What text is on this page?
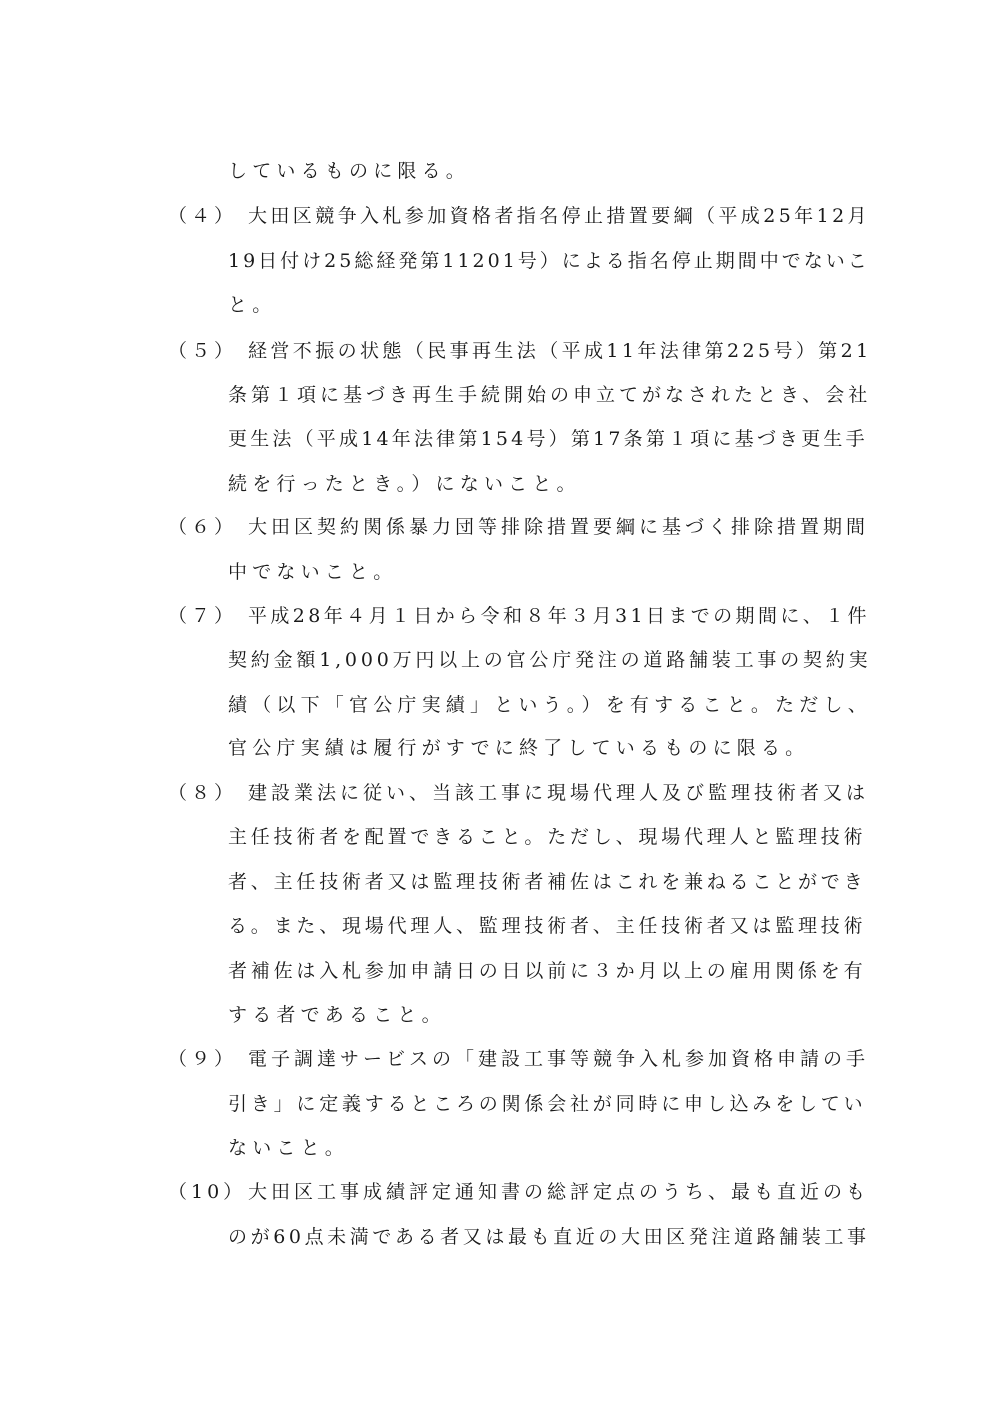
しているものに限る。
（４） 大田区競争入札参加資格者指名停止措置要綱（平成25年12月
19日付け25総経発第11201号）による指名停止期間中でないこ
と。
（５） 経営不振の状態（民事再生法（平成11年法律第225号）第21
条第１項に基づき再生手続開始の申立てがなされたとき、会社
更生法（平成14年法律第154号）第17条第１項に基づき更生手
続を行ったとき。）にないこと。
（６） 大田区契約関係暴力団等排除措置要綱に基づく排除措置期間
中でないこと。
（７） 平成28年４月１日から令和８年３月31日までの期間に、１件
契約金額1,000万円以上の官公庁発注の道路舗装工事の契約実
績（以下「官公庁実績」という。）を有すること。ただし、
官公庁実績は履行がすでに終了しているものに限る。
（８） 建設業法に従い、当該工事に現場代理人及び監理技術者又は
主任技術者を配置できること。ただし、現場代理人と監理技術
者、主任技術者又は監理技術者補佐はこれを兼ねることができ
る。また、現場代理人、監理技術者、主任技術者又は監理技術
者補佐は入札参加申請日の日以前に３か月以上の雇用関係を有
する者であること。
（９） 電子調達サービスの「建設工事等競争入札参加資格申請の手
引き」に定義するところの関係会社が同時に申し込みをしてい
ないこと。
（10） 大田区工事成績評定通知書の総評定点のうち、最も直近のも
のが60点未満である者又は最も直近の大田区発注道路舗装工事
